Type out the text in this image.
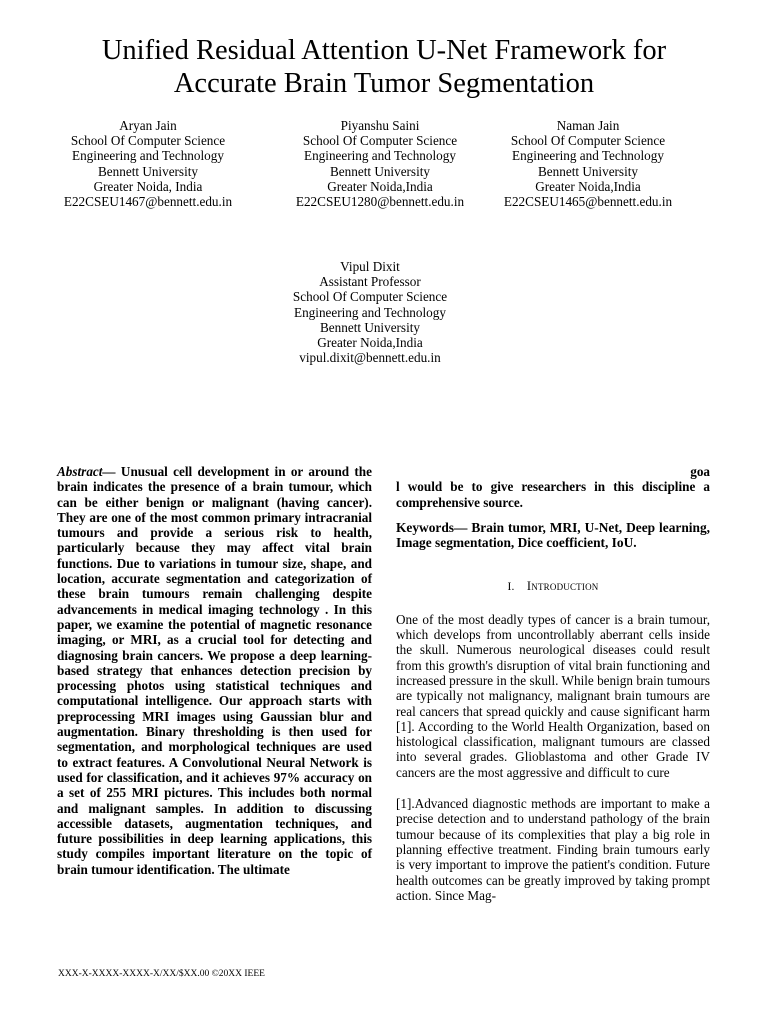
Unified Residual Attention U-Net Framework for
Accurate Brain Tumor Segmentation
Aryan Jain
School Of Computer Science
Engineering and Technology
Bennett University
Greater Noida, India
E22CSEU1467@bennett.edu.in
Piyanshu Saini
School Of Computer Science
Engineering and Technology
Bennett University
Greater Noida,India
E22CSEU1280@bennett.edu.in
Naman Jain
School Of Computer Science
Engineering and Technology
Bennett University
Greater Noida,India
E22CSEU1465@bennett.edu.in
Vipul Dixit
Assistant Professor
School Of Computer Science
Engineering and Technology
Bennett University
Greater Noida,India
vipul.dixit@bennett.edu.in

Abstract— Unusual cell development in or around the brain indicates the presence of a brain tumour, which can be either benign or malignant (having cancer). They are one of the most common primary intracranial tumours and provide a serious risk to health, particularly because they may affect vital brain functions. Due to variations in tumour size, shape, and location, accurate segmentation and categorization of these brain tumours remain challenging despite advancements in medical imaging technology . In this paper, we examine the potential of magnetic resonance imaging, or MRI, as a crucial tool for detecting and diagnosing brain cancers. We propose a deep learning-based strategy that enhances detection precision by processing photos using statistical techniques and computational intelligence. Our approach starts with preprocessing MRI images using Gaussian blur and augmentation. Binary thresholding is then used for segmentation, and morphological techniques are used to extract features. A Convolutional Neural Network is used for classification, and it achieves 97% accuracy on a set of 255 MRI pictures. This includes both normal and malignant samples. In addition to discussing accessible datasets, augmentation techniques, and future possibilities in deep learning applications, this study compiles important literature on the topic of brain tumour identification. The ultimate

goa

l would be to give researchers in this discipline a comprehensive source.

Keywords— Brain tumor, MRI, U-Net, Deep learning, Image segmentation, Dice coefficient, IoU.

I. Introduction

One of the most deadly types of cancer is a brain tumour, which develops from uncontrollably aberrant cells inside the skull. Numerous neurological diseases could result from this growth's disruption of vital brain functioning and increased pressure in the skull. While benign brain tumours are typically not malignancy, malignant brain tumours are real cancers that spread quickly and cause significant harm [1]. According to the World Health Organization, based on histological classification, malignant tumours are classed into several grades. Glioblastoma and other Grade IV cancers are the most aggressive and difficult to cure

[1].Advanced diagnostic methods are important to make a precise detection and to understand pathology of the brain tumour because of its complexities that play a big role in planning effective treatment. Finding brain tumours early is very important to improve the patient's condition. Future health outcomes can be greatly improved by taking prompt action. Since Mag-

XXX-X-XXXX-XXXX-X/XX/$XX.00 ©20XX IEEE
